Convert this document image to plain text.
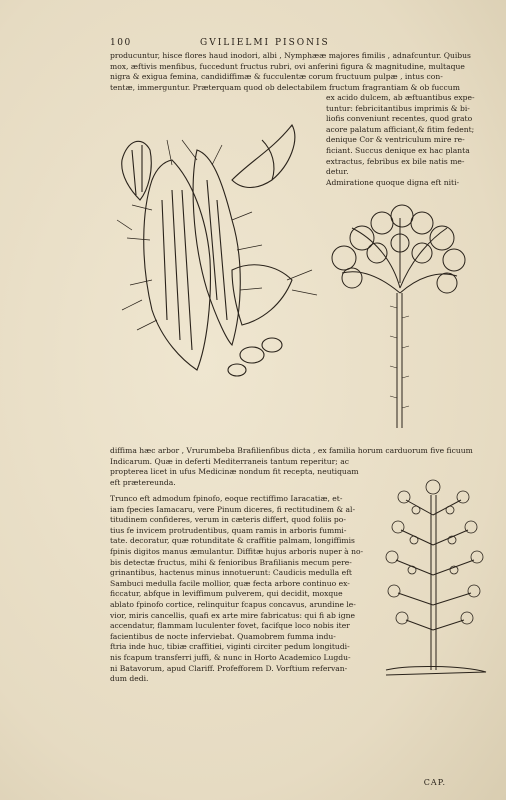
100	GVILIELMI PISONIS
producuntur, hisce flores haud inodori, albi , Nymphææ majores fimilis , adnafcuntur. Quibus
mox, æftivis menfibus, fuccedunt fructus rubri, ovi anferini figura & magnitudine, multaque
nigra & exigua femina, candidiffimæ & fucculentæ corum fructuum pulpæ , intus con-
tentæ, immerguntur. Præterquam quod ob delectabilem fructum fragrantiam & ob fuccum
ex acido dulcem, ab æftuantibus expe-
tuntur: febricitantibus imprimis & bi-
liofis conveniunt recentes, quod grato
acore palatum afficiant,& fitim fedent;
denique Cor & ventriculum mire re-
ficiant. Succus denique ex hac planta
extractus, febribus ex bile natis me-
detur.
Admiratione quoque digna eft niti-
diffima hæc arbor , Vrurumbeba Brafilienfibus dicta , ex familia horum carduorum five ficuum
Indicarum. Quæ in deferti Mediterraneis tantum reperitur; ac
propterea licet in ufus Medicinæ nondum fit recepta, neutiquam
eft prætereunda.
Trunco eft admodum fpinofo, eoque rectiffimo Iaracatiæ, et-
iam fpecies Iamacaru, vere Pinum diceres, fi rectitudinem & al-
titudinem confideres, verum in cæteris differt, quod foliis po-
tius fe invicem protrudentibus, quam ramis in arboris fummi-
tate. decoratur, quæ rotunditate & craffitie palmam, longiffimis
fpinis digitos manus æmulantur. Diffitæ hujus arboris nuper à no-
bis detectæ fructus, mihi & fenioribus Brafilianis mecum pere-
grinantibus, hactenus minus innotuerunt: Caudicis medulla eft
Sambuci medulla facile mollior, quæ fecta arbore continuo ex-
ficcatur, abfque in leviffimum pulverem, qui decidit, moxque
ablato fpinofo cortice, relinquitur fcapus concavus, arundine le-
vior, miris cancellis, quafi ex arte mire fabricatus: qui fi ab igne
accendatur, flammam luculenter fovet, facifque loco nobis iter
facientibus de nocte inferviebat. Quamobrem fumma indu-
ftria inde huc, tibiæ craffitiei, viginti circiter pedum longitudi-
nis fcapum transferri juffi, & nunc in Horto Academico Lugdu-
ni Batavorum, apud Clariff. Profefforem D. Vorftium refervan-
dum dedi.
CAP.
